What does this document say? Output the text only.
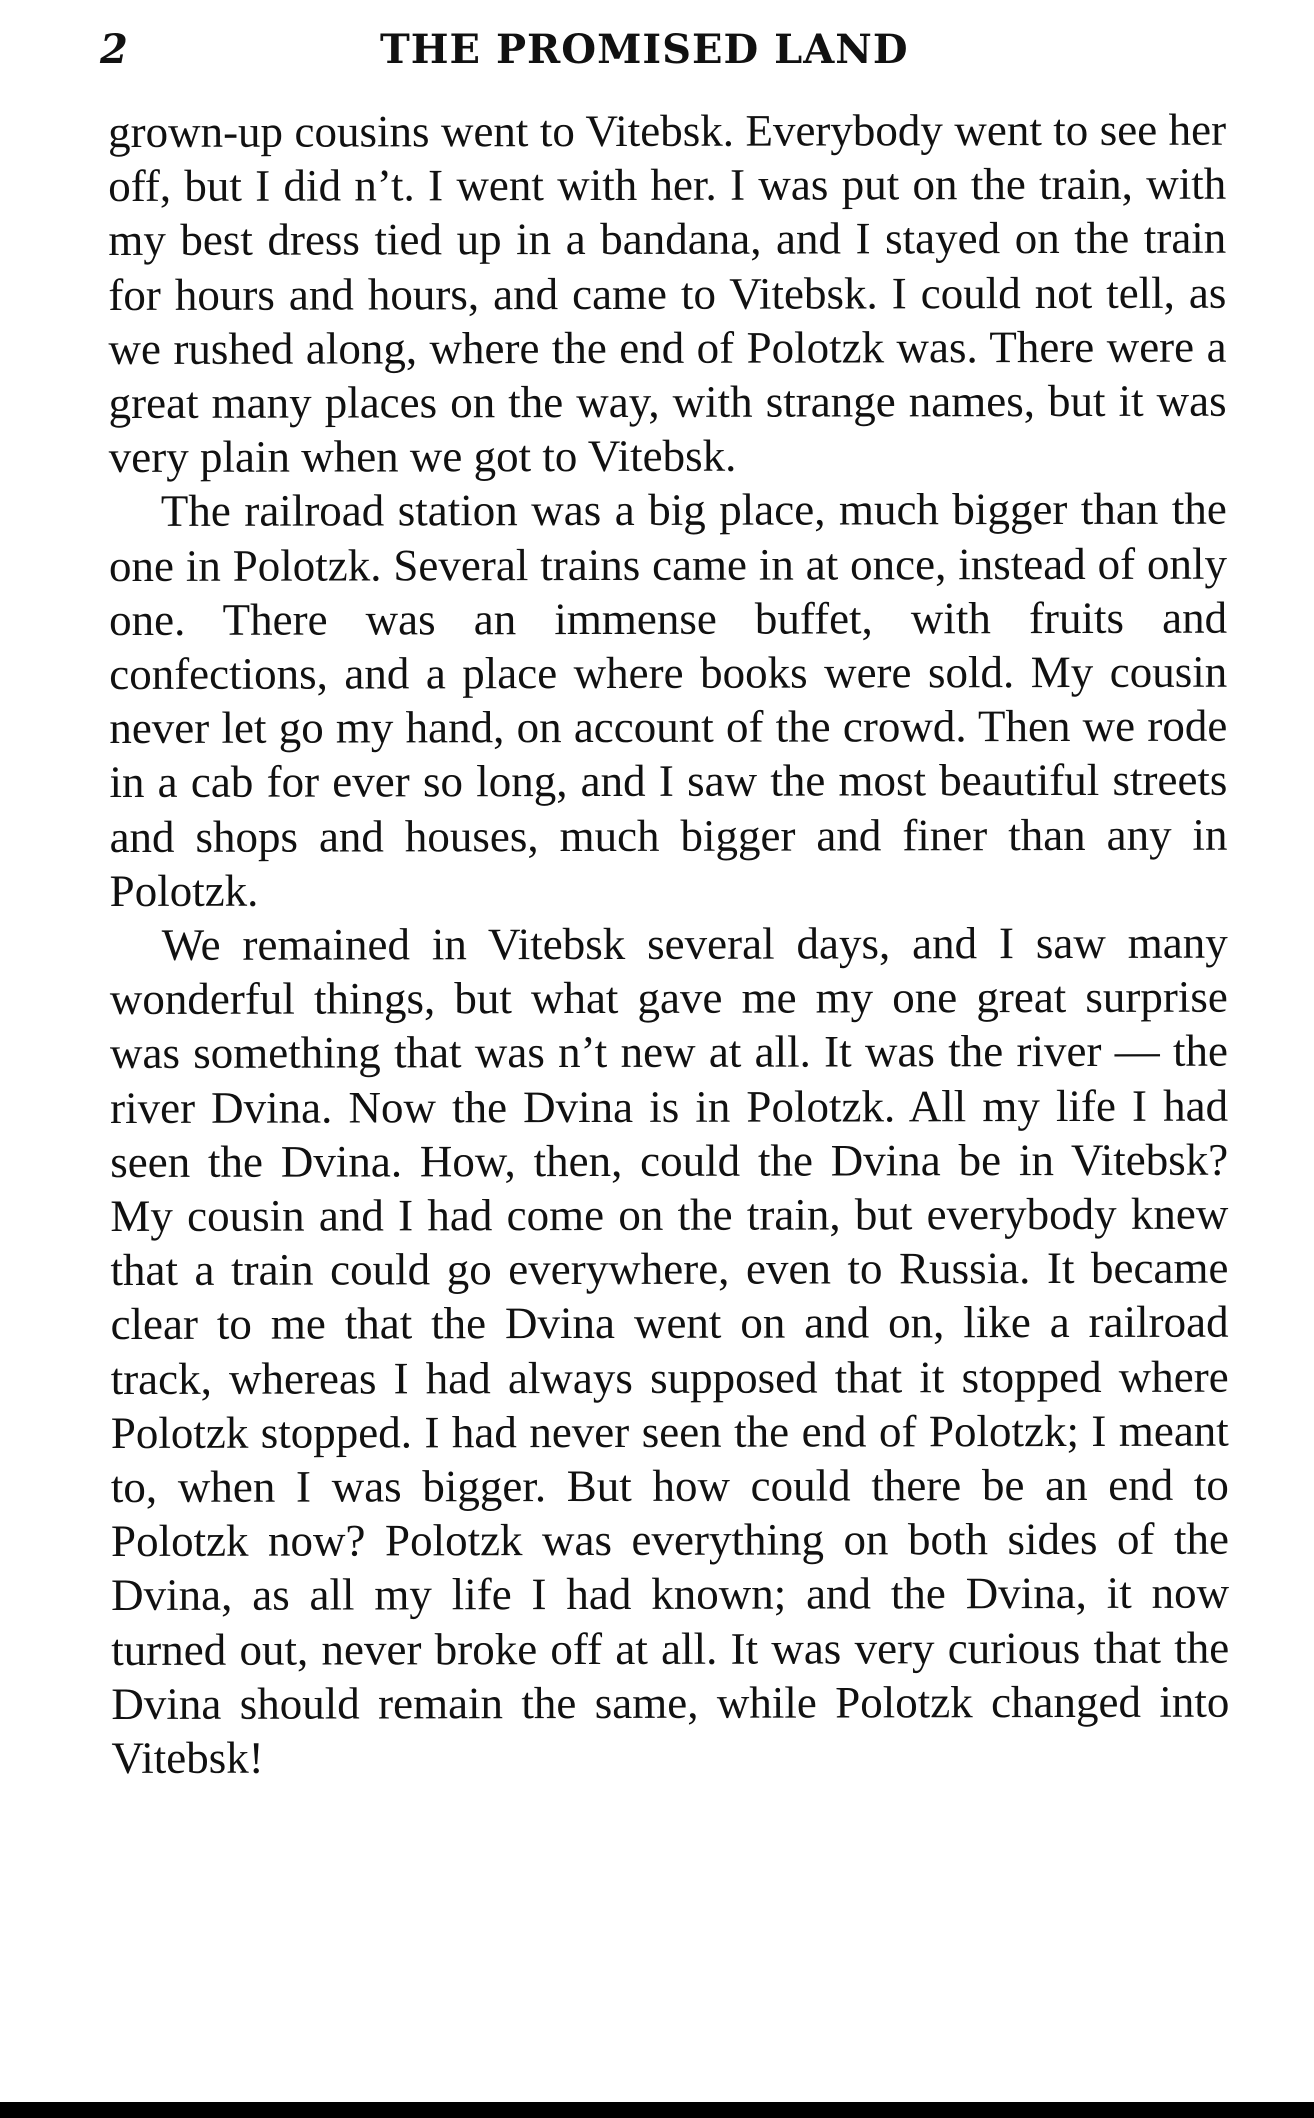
2	THE PROMISED LAND

grown-up cousins went to Vitebsk. Everybody went to see her off, but I did n’t. I went with her. I was put on the train, with my best dress tied up in a bandana, and I stayed on the train for hours and hours, and came to Vitebsk. I could not tell, as we rushed along, where the end of Polotzk was. There were a great many places on the way, with strange names, but it was very plain when we got to Vitebsk.

The railroad station was a big place, much bigger than the one in Polotzk. Several trains came in at once, instead of only one. There was an immense buffet, with fruits and confections, and a place where books were sold. My cousin never let go my hand, on account of the crowd. Then we rode in a cab for ever so long, and I saw the most beautiful streets and shops and houses, much bigger and finer than any in Polotzk.

We remained in Vitebsk several days, and I saw many wonderful things, but what gave me my one great surprise was something that was n’t new at all. It was the river — the river Dvina. Now the Dvina is in Polotzk. All my life I had seen the Dvina. How, then, could the Dvina be in Vitebsk? My cousin and I had come on the train, but everybody knew that a train could go everywhere, even to Russia. It became clear to me that the Dvina went on and on, like a railroad track, whereas I had always supposed that it stopped where Polotzk stopped. I had never seen the end of Polotzk; I meant to, when I was bigger. But how could there be an end to Polotzk now? Polotzk was everything on both sides of the Dvina, as all my life I had known; and the Dvina, it now turned out, never broke off at all. It was very curious that the Dvina should remain the same, while Polotzk changed into Vitebsk!
